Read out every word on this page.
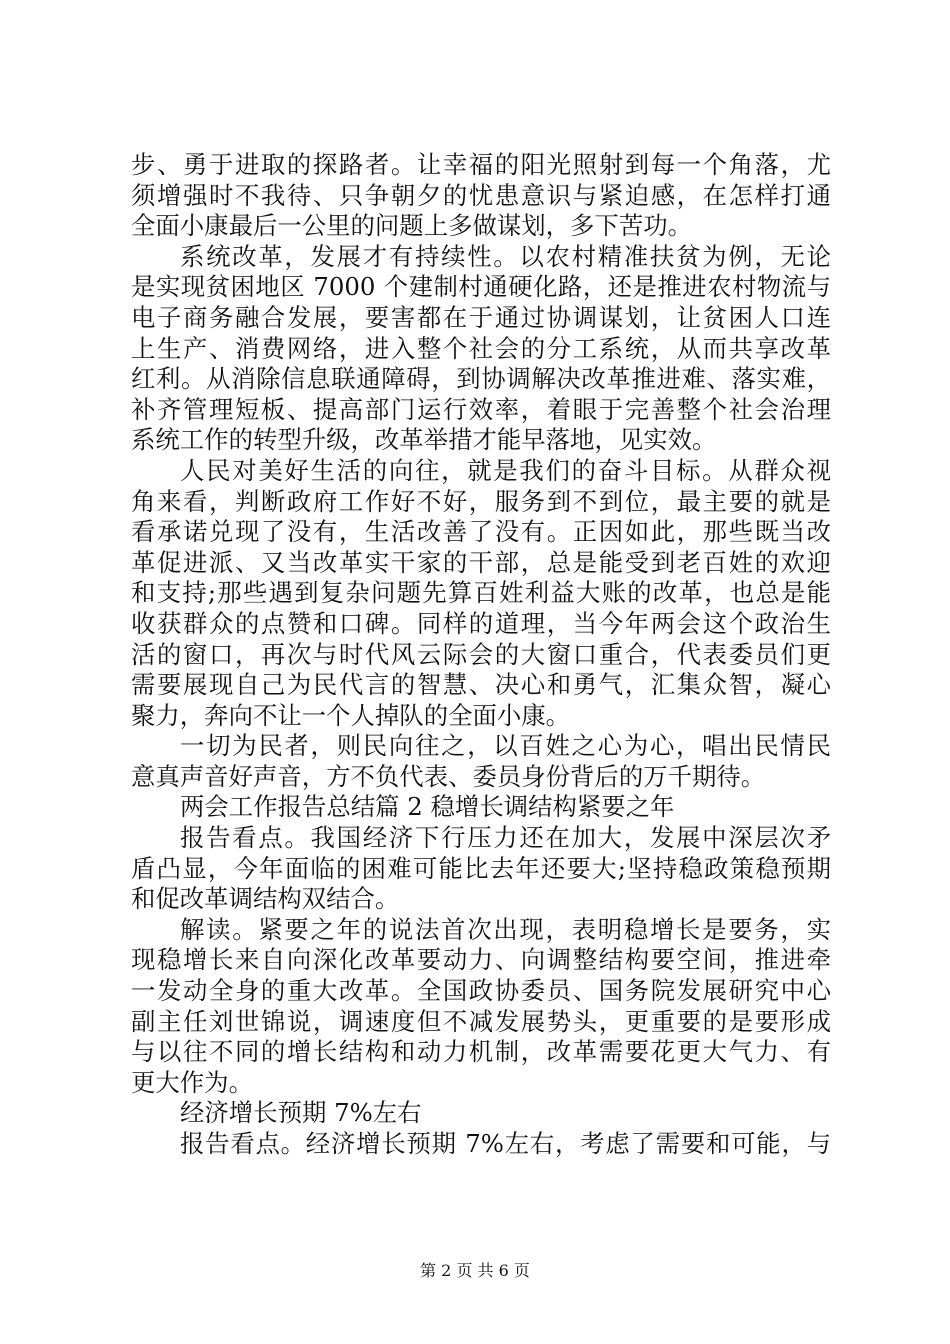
步、勇于进取的探路者。让幸福的阳光照射到每一个角落，尤
须增强时不我待、只争朝夕的忧患意识与紧迫感，在怎样打通
全面小康最后一公里的问题上多做谋划，多下苦功。
系统改革，发展才有持续性。以农村精准扶贫为例，无论
是实现贫困地区 7000 个建制村通硬化路，还是推进农村物流与
电子商务融合发展，要害都在于通过协调谋划，让贫困人口连
上生产、消费网络，进入整个社会的分工系统，从而共享改革
红利。从消除信息联通障碍，到协调解决改革推进难、落实难，
补齐管理短板、提高部门运行效率，着眼于完善整个社会治理
系统工作的转型升级，改革举措才能早落地，见实效。
人民对美好生活的向往，就是我们的奋斗目标。从群众视
角来看，判断政府工作好不好，服务到不到位，最主要的就是
看承诺兑现了没有，生活改善了没有。正因如此，那些既当改
革促进派、又当改革实干家的干部，总是能受到老百姓的欢迎
和支持;那些遇到复杂问题先算百姓利益大账的改革，也总是能
收获群众的点赞和口碑。同样的道理，当今年两会这个政治生
活的窗口，再次与时代风云际会的大窗口重合，代表委员们更
需要展现自己为民代言的智慧、决心和勇气，汇集众智，凝心
聚力，奔向不让一个人掉队的全面小康。
一切为民者，则民向往之，以百姓之心为心，唱出民情民
意真声音好声音，方不负代表、委员身份背后的万千期待。
两会工作报告总结篇 2 稳增长调结构紧要之年
报告看点。我国经济下行压力还在加大，发展中深层次矛
盾凸显，今年面临的困难可能比去年还要大;坚持稳政策稳预期
和促改革调结构双结合。
解读。紧要之年的说法首次出现，表明稳增长是要务，实
现稳增长来自向深化改革要动力、向调整结构要空间，推进牵
一发动全身的重大改革。全国政协委员、国务院发展研究中心
副主任刘世锦说，调速度但不减发展势头，更重要的是要形成
与以往不同的增长结构和动力机制，改革需要花更大气力、有
更大作为。
经济增长预期 7%左右
报告看点。经济增长预期 7%左右，考虑了需要和可能，与
第 2 页 共 6 页
